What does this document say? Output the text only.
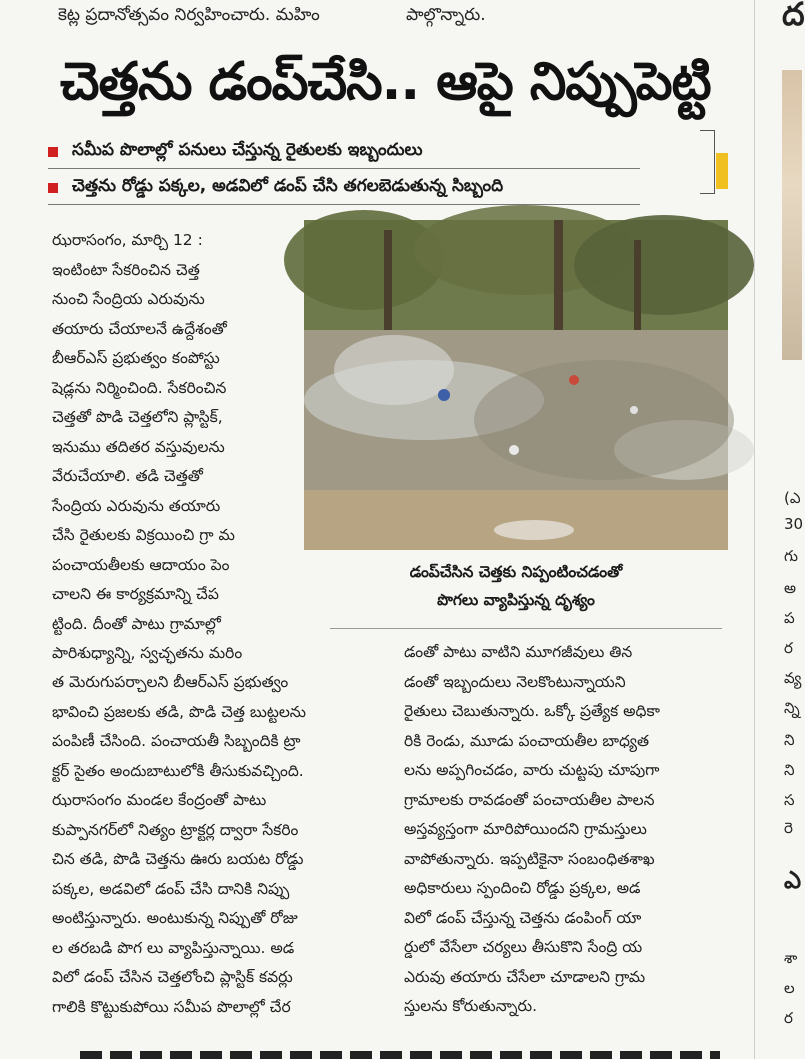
కెట్ల ప్రదానోత్సవం నిర్వహించారు. మహిం	పాల్గొన్నారు.
చెత్తను డంప్‌చేసి.. ఆపై నిప్పుపెట్టి
సమీప పొలాల్లో పనులు చేస్తున్న రైతులకు ఇబ్బందులు
చెత్తను రోడ్డు పక్కల, అడవిలో డంప్ చేసి తగలబెడుతున్న సిబ్బంది

ఝరాసంగం, మార్చి 12 :

ఇంటింటా సేకరించిన చెత్త

నుంచి సేంద్రియ ఎరువును

తయారు చేయాలనే ఉద్దేశంతో

బీఆర్ఎస్ ప్రభుత్వం కంపోస్టు

షెడ్లను నిర్మించింది. సేకరించిన

చెత్తతో పొడి చెత్తలోని ప్లాస్టిక్,

ఇనుము తదితర వస్తువులను

వేరుచేయాలి. తడి చెత్తతో

సేంద్రియ ఎరువును తయారు

చేసి రైతులకు విక్రయించి గ్రా మ

పంచాయతీలకు ఆదాయం పెం

చాలని ఈ కార్యక్రమాన్ని చేప

ట్టింది. దీంతో పాటు గ్రామాల్లో

పారిశుధ్యాన్ని, స్వచ్ఛతను మరిం

డంప్‌చేసిన చెత్తకు నిప్పంటించడంతో
పొగలు వ్యాపిస్తున్న దృశ్యం

త మెరుగుపర్చాలని బీఆర్ఎస్ ప్రభుత్వం

భావించి ప్రజలకు తడి, పొడి చెత్త బుట్టలను

పంపిణీ చేసింది. పంచాయతీ సిబ్బందికి ట్రా

క్టర్ సైతం అందుబాటులోకి తీసుకువచ్చింది.

ఝరాసంగం మండల కేంద్రంతో పాటు

కుప్పానగర్‌లో నిత్యం ట్రాక్టర్ల ద్వారా సేకరిం

చిన తడి, పొడి చెత్తను ఊరు బయట రోడ్డు

పక్కల, అడవిలో డంప్ చేసి దానికి నిప్పు

అంటిస్తున్నారు. అంటుకున్న నిప్పుతో రోజు

ల తరబడి పొగ లు వ్యాపిస్తున్నాయి. అడ

విలో డంప్ చేసిన చెత్తలోంచి ప్లాస్టిక్ కవర్లు

గాలికి కొట్టుకుపోయి సమీప పొలాల్లో చేర

డంతో పాటు వాటిని మూగజీవులు తిన

డంతో ఇబ్బందులు నెలకొంటున్నాయని

రైతులు చెబుతున్నారు. ఒక్కో ప్రత్యేక అధికా

రికి రెండు, మూడు పంచాయతీల బాధ్యత

లను అప్పగించడం, వారు చుట్టపు చూపుగా

గ్రామాలకు రావడంతో పంచాయతీల పాలన

అస్తవ్యస్తంగా మారిపోయిందని గ్రామస్తులు

వాపోతున్నారు. ఇప్పటికైనా సంబంధితశాఖ

అధికారులు స్పందించి రోడ్డు ప్రక్కల, అడ

విలో డంప్ చేస్తున్న చెత్తను డంపింగ్ యా

ర్డులో వేసేలా చర్యలు తీసుకొని సేంద్రి య

ఎరువు తయారు చేసేలా చూడాలని గ్రామ

స్తులను కోరుతున్నారు.

ద
(ఎ
30
గు
అ
ప
ర
వ్య
న్ని
ని
ని
స
రె
ఎ
శా
ల
ర
